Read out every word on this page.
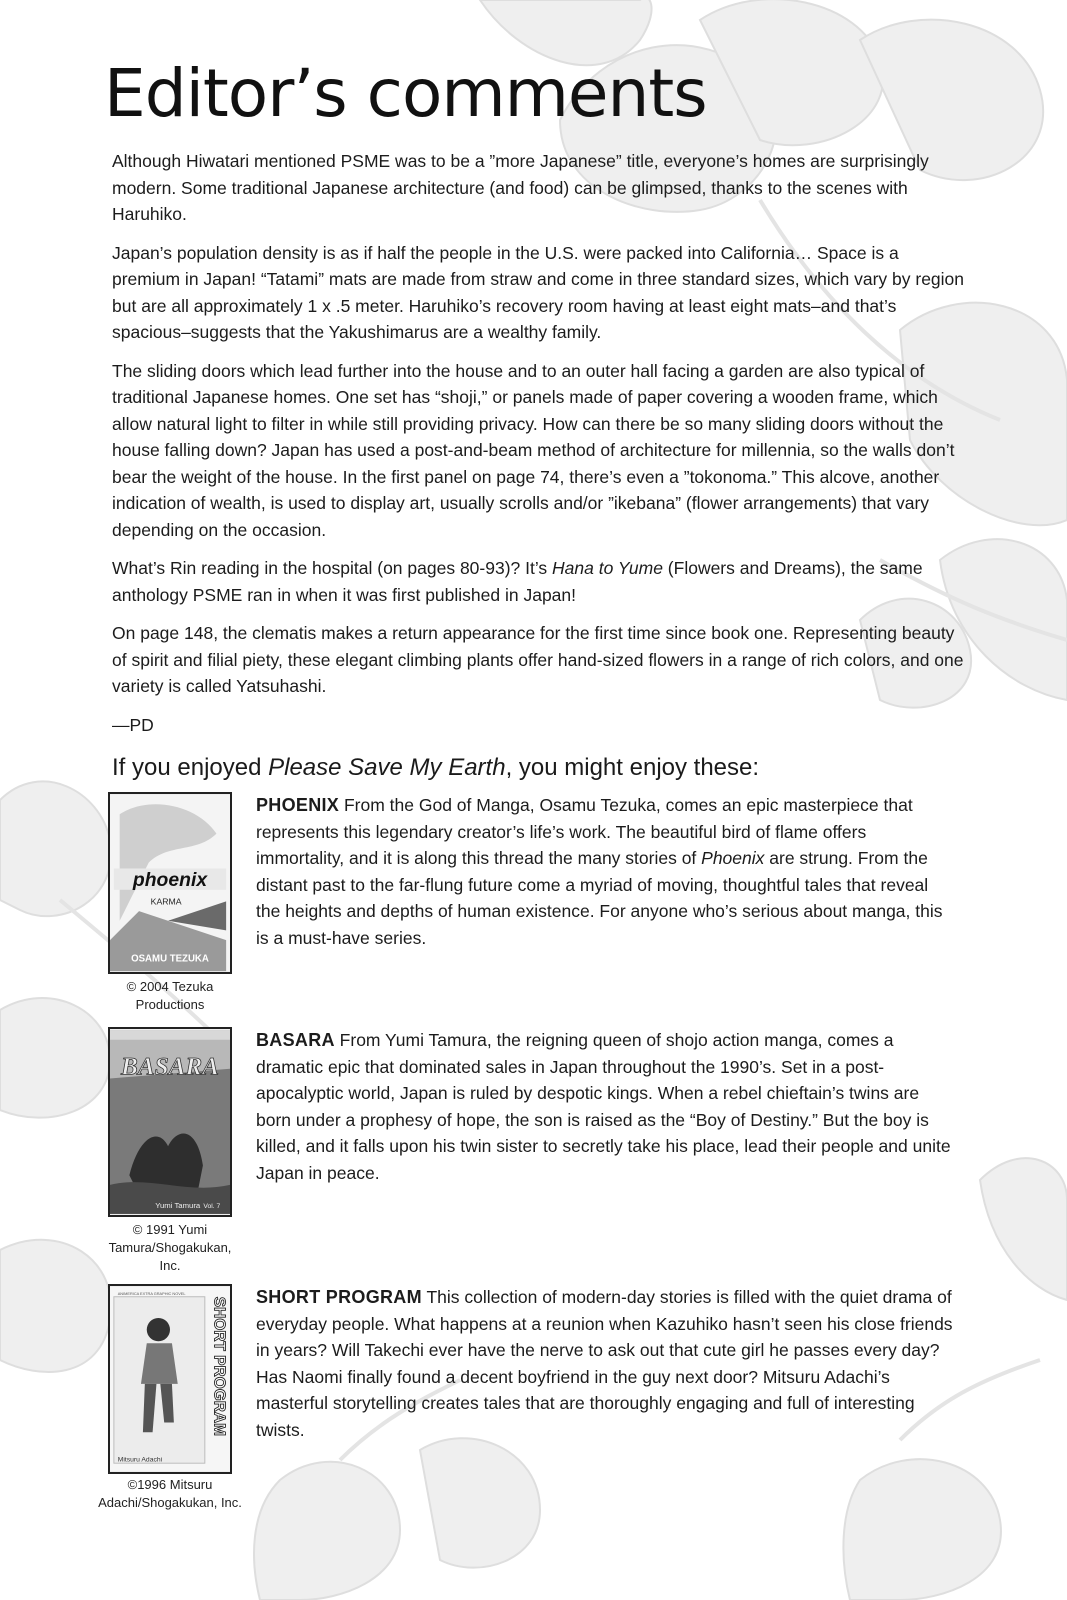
Editor’s comments

Although Hiwatari mentioned PSME was to be a ”more Japanese” title, everyone’s homes are surprisingly modern. Some traditional Japanese architecture (and food) can be glimpsed, thanks to the scenes with Haruhiko.

Japan’s population density is as if half the people in the U.S. were packed into California… Space is a premium in Japan! “Tatami” mats are made from straw and come in three standard sizes, which vary by region but are all approximately 1 x .5 meter. Haruhiko’s recovery room having at least eight mats–and that’s spacious–suggests that the Yakushimarus are a wealthy family.

The sliding doors which lead further into the house and to an outer hall facing a garden are also typical of traditional Japanese homes. One set has “shoji,” or panels made of paper covering a wooden frame, which allow natural light to filter in while still providing privacy. How can there be so many sliding doors without the house falling down? Japan has used a post-and-beam method of architecture for millennia, so the walls don’t bear the weight of the house. In the first panel on page 74, there’s even a ”tokonoma.” This alcove, another indication of wealth, is used to display art, usually scrolls and/or ”ikebana” (flower arrangements) that vary depending on the occasion.

What’s Rin reading in the hospital (on pages 80-93)? It’s Hana to Yume (Flowers and Dreams), the same anthology PSME ran in when it was first published in Japan!

On page 148, the clematis makes a return appearance for the first time since book one. Representing beauty of spirit and filial piety, these elegant climbing plants offer hand-sized flowers in a range of rich colors, and one variety is called Yatsuhashi.

—PD

If you enjoyed Please Save My Earth, you might enjoy these:
phoenix
KARMA
OSAMU TEZUKA
© 2004 Tezuka Productions
PHOENIX From the God of Manga, Osamu Tezuka, comes an epic masterpiece that represents this legendary creator’s life’s work. The beautiful bird of flame offers immortality, and it is along this thread the many stories of Phoenix are strung. From the distant past to the far-flung future come a myriad of moving, thoughtful tales that reveal the heights and depths of human existence. For anyone who’s serious about manga, this is a must-have series.
BASARA
Yumi Tamura Vol. 7
© 1991 Yumi Tamura/Shogakukan, Inc.
BASARA From Yumi Tamura, the reigning queen of shojo action manga, comes a dramatic epic that dominated sales in Japan throughout the 1990’s. Set in a post-apocalyptic world, Japan is ruled by despotic kings. When a rebel chieftain’s twins are born under a prophesy of hope, the son is raised as the “Boy of Destiny.” But the boy is killed, and it falls upon his twin sister to secretly take his place, lead their people and unite Japan in peace.
ANIMERICA EXTRA GRAPHIC NOVEL
SHORT PROGRAM
Mitsuru Adachi
©1996 Mitsuru Adachi/Shogakukan, Inc.
SHORT PROGRAM This collection of modern-day stories is filled with the quiet drama of everyday people. What happens at a reunion when Kazuhiko hasn’t seen his close friends in years? Will Takechi ever have the nerve to ask out that cute girl he passes every day? Has Naomi finally found a decent boyfriend in the guy next door? Mitsuru Adachi’s masterful storytelling creates tales that are thoroughly engaging and full of interesting twists.
